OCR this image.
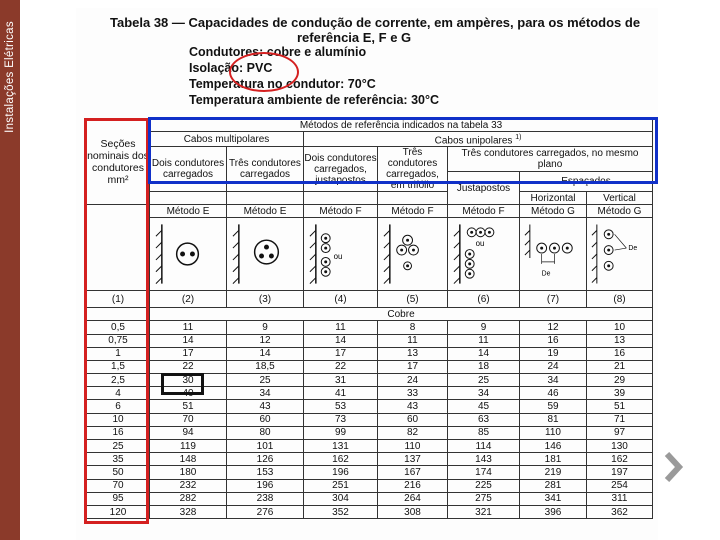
Instalações Elétricas	Tabela 38 — Capacidades de condução de corrente, em ampères, para os métodos de
referência E, F e G
Condutores: cobre e alumínio
Isolação: PVC
Temperatura no condutor: 70°C
Temperatura ambiente de referência: 30°C
Seções nominais dos condutores mm²	Métodos de referência indicados na tabela 33						
	Cabos multipolares		Cabos unipolares $^{1)}$
	Dois condutores carregados	Três condutores carregados	Dois condutores carregados, justapostos	Três condutores carregados, em trifólio	Três condutores carregados, no mesmo plano		
					Justapostos	Espaçados	
						Horizontal	Vertical
	Método E	Método E	Método F	Método F	Método F	Método G	Método G

ou		ou	De	De

(1)	(2)	(3)	(4)	(5)	(6)	(7)	(8)
	Cobre						
0,5	11	9	11	8	9	12	10
0,75	14	12	14	11	11	16	13
1	17	14	17	13	14	19	16
1,5	22	18,5	22	17	18	24	21
2,5	30	25	31	24	25	34	29
4	40	34	41	33	34	46	39
6	51	43	53	43	45	59	51
10	70	60	73	60	63	81	71
16	94	80	99	82	85	110	97
25	119	101	131	110	114	146	130
35	148	126	162	137	143	181	162
50	180	153	196	167	174	219	197
70	232	196	251	216	225	281	254
95	282	238	304	264	275	341	311
120	328	276	352	308	321	396	362
